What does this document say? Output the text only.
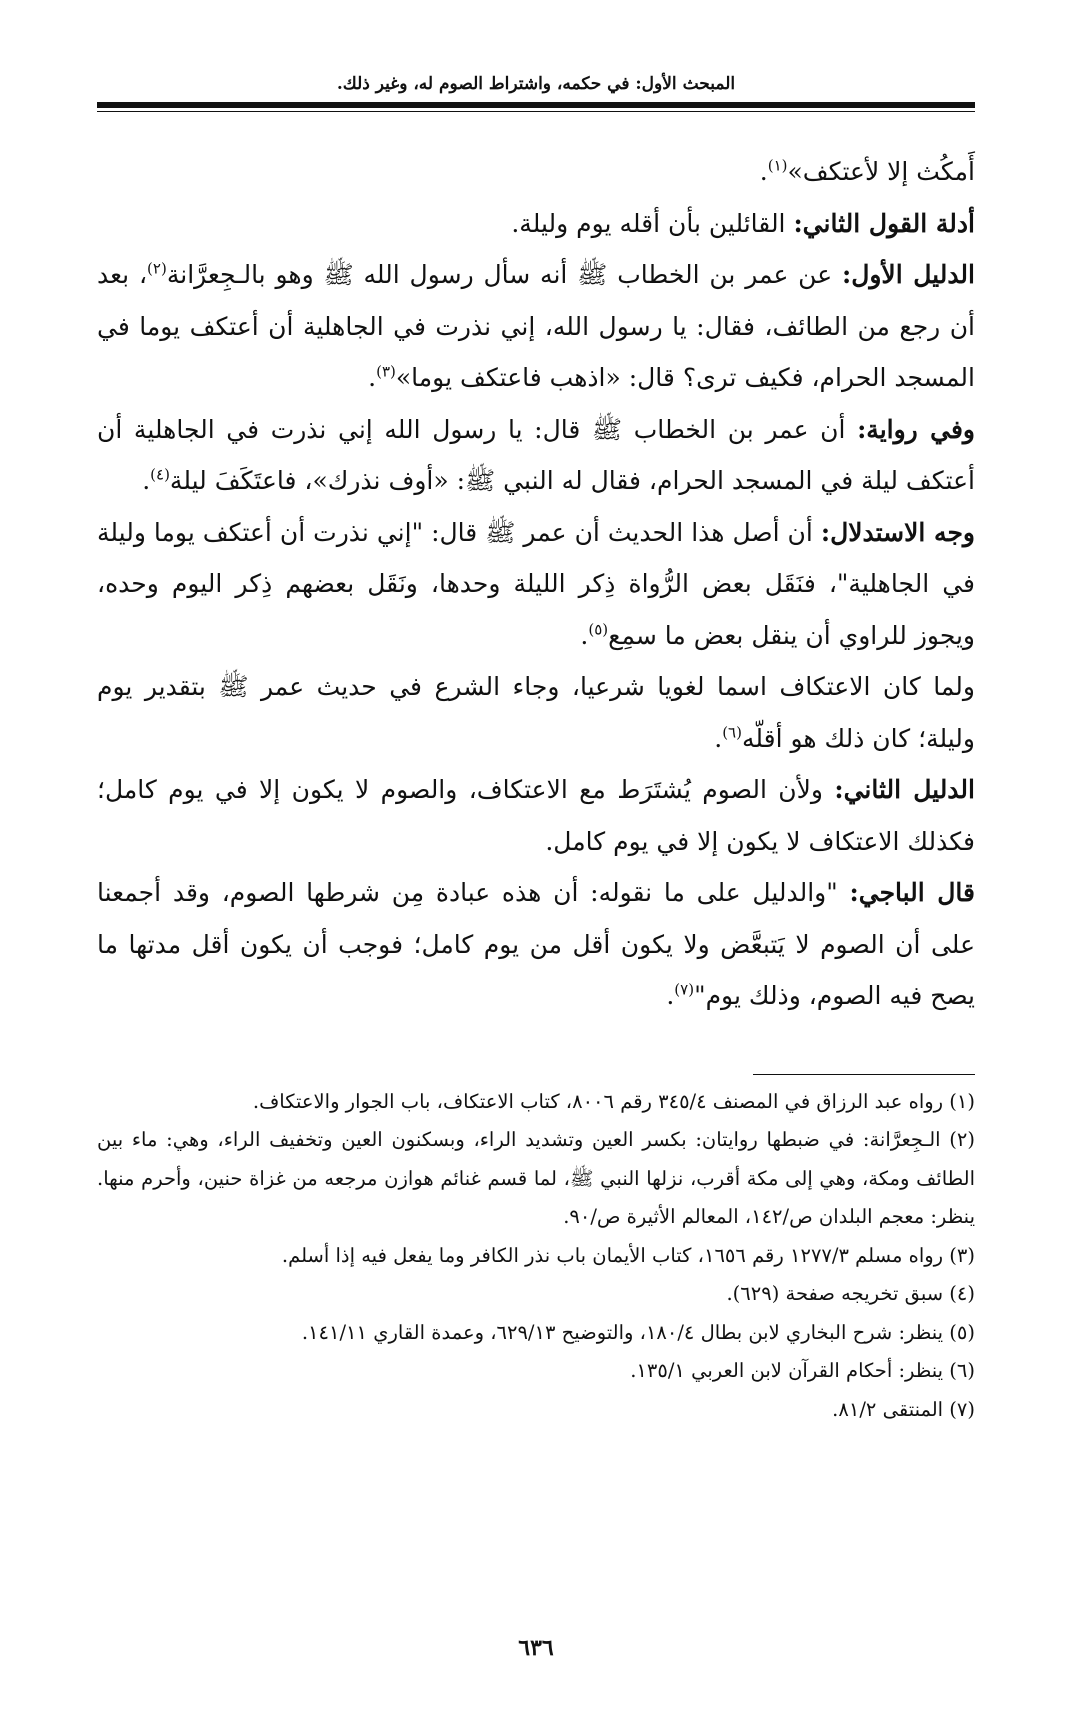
المبحث الأول: في حكمه، واشتراط الصوم له، وغير ذلك.

أَمكُث إلا لأعتكف»$^{(١)}$.

أدلة القول الثاني: القائلين بأن أقله يوم وليلة.

الدليل الأول: عن عمر بن الخطاب ﷺ أنه سأل رسول الله ﷺ وهو بالـجِعرَّانة$^{(٢)}$، بعد أن رجع من الطائف، فقال: يا رسول الله، إني نذرت في الجاهلية أن أعتكف يوما في المسجد الحرام، فكيف ترى؟ قال: «اذهب فاعتكف يوما»$^{(٣)}$.

وفي رواية: أن عمر بن الخطاب ﷺ قال: يا رسول الله إني نذرت في الجاهلية أن أعتكف ليلة في المسجد الحرام، فقال له النبي ﷺ: «أوف نذرك»، فاعتَكَفَ ليلة$^{(٤)}$.

وجه الاستدلال: أن أصل هذا الحديث أن عمر ﷺ قال: "إني نذرت أن أعتكف يوما وليلة في الجاهلية"، فنَقَل بعض الرُّواة ذِكر الليلة وحدها، ونَقَل بعضهم ذِكر اليوم وحده، ويجوز للراوي أن ينقل بعض ما سمِع$^{(٥)}$.

ولما كان الاعتكاف اسما لغويا شرعيا، وجاء الشرع في حديث عمر ﷺ بتقدير يوم وليلة؛ كان ذلك هو أقلّه$^{(٦)}$.

الدليل الثاني: ولأن الصوم يُشتَرَط مع الاعتكاف، والصوم لا يكون إلا في يوم كامل؛ فكذلك الاعتكاف لا يكون إلا في يوم كامل.

قال الباجي: "والدليل على ما نقوله: أن هذه عبادة مِن شرطها الصوم، وقد أجمعنا على أن الصوم لا يَتبعَّض ولا يكون أقل من يوم كامل؛ فوجب أن يكون أقل مدتها ما يصح فيه الصوم، وذلك يوم"$^{(٧)}$.

(١) رواه عبد الرزاق في المصنف ٣٤٥/٤ رقم ٨٠٠٦، كتاب الاعتكاف، باب الجوار والاعتكاف.

(٢) الـجِعرَّانة: في ضبطها روايتان: بكسر العين وتشديد الراء، وبسكنون العين وتخفيف الراء، وهي: ماء بين الطائف ومكة، وهي إلى مكة أقرب، نزلها النبي ﷺ، لما قسم غنائم هوازن مرجعه من غزاة حنين، وأحرم منها. ينظر: معجم البلدان ص/١٤٢، المعالم الأثيرة ص/٩٠.

(٣) رواه مسلم ١٢٧٧/٣ رقم ١٦٥٦، كتاب الأيمان باب نذر الكافر وما يفعل فيه إذا أسلم.

(٤) سبق تخريجه صفحة (٦٢٩).

(٥) ينظر: شرح البخاري لابن بطال ١٨٠/٤، والتوضيح ٦٢٩/١٣، وعمدة القاري ١٤١/١١.

(٦) ينظر: أحكام القرآن لابن العربي ١٣٥/١.

(٧) المنتقى ٨١/٢.

٦٣٦
